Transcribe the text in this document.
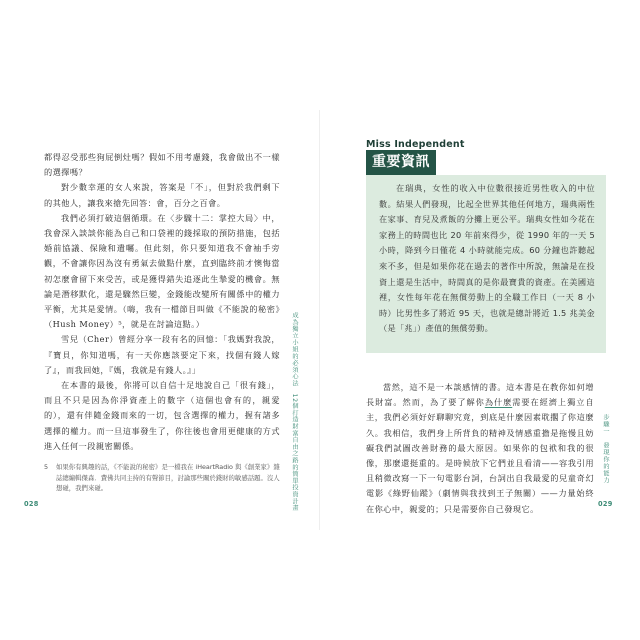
都得忍受那些狗屁倒灶嗎？假如不用考慮錢，我會做出不一樣的選擇嗎？

對少數幸運的女人來說，答案是「不」，但對於我們剩下的其他人，讓我來搶先回答：會，百分之百會。

我們必須打破這個循環。在〈步驟十二：掌控大局〉中，我會深入談談你能為自己和口袋裡的錢採取的預防措施，包括婚前協議、保險和遺囑。但此刻，你只要知道我不會袖手旁觀，不會讓你因為沒有勇氣去做點什麼，直到臨終前才懊悔當初怎麼會留下來受苦，或是獲得錯失追逐此生摯愛的機會。無論是潛移默化，還是驟然巨變，金錢能改變所有關係中的權力平衡，尤其是愛情。（嗨，我有一檔節目叫做《不能說的秘密》（Hush Money）⁵，就是在討論這點。）

雪兒（Cher）曾經分享一段有名的回憶：「我媽對我說，『寶貝，你知道嗎，有一天你應該要定下來，找個有錢人嫁了』，而我回她，『媽，我就是有錢人。』」

在本書的最後，你將可以自信十足地說自己「很有錢」，而且不只是因為你淨資產上的數字（這個也會有的，親愛的），還有伴隨金錢而來的一切，包含選擇的權力，握有諸多選擇的權力。而一旦這事發生了，你往後也會用更健康的方式進入任何一段親密關係。

5	如果你有興趣的話，《不能說的秘密》是一檔我在 iHeartRadio 與《創業家》雜誌總編輯傑森．費佛共同主持的有聲節目，討論那些關於錢財的敏感話題。沒人想碰，我們來碰。	成為獨立小姐的必須心法　12個打造財富自由之路的簡單投資計畫
028
Miss Independent
重要資訊

在瑞典，女性的收入中位數很接近男性收入的中位數。結果人們發現，比起全世界其他任何地方，瑞典兩性在家事、育兒及煮飯的分攤上更公平。瑞典女性如今花在家務上的時間也比 20 年前來得少，從 1990 年的一天 5 小時，降到今日僅花 4 小時就能完成。60 分鐘也許聽起來不多，但是如果你花在過去的著作中所說，無論是在投資上還是生活中，時間真的是你最寶貴的資產。在美國這裡，女性每年花在無償勞動上的全職工作日（一天 8 小時）比男性多了將近 95 天，也就是總計將近 1.5 兆美金（是「兆」）產值的無償勞動。

當然，這不是一本談感情的書。這本書是在教你如何增長財富。然而，為了要了解你為什麼需要在經濟上獨立自主，我們必須好好聊聊究竟，到底是什麼因素耽擱了你這麼久。我相信，我們身上所背負的精神及情感重擔是拖慢且妨礙我們試圖改善財務的最大原因。如果你的包袱和我的很像，那麼還挺重的。是時候放下它們並且看清——容我引用且稍微改寫一下一句電影台詞，台詞出自我最愛的兒童奇幻電影《綠野仙蹤》（劇情與我找到王子無關）——力量始終在你心中，親愛的；只是需要你自己發現它。

步驟一　發現你的能力
029
